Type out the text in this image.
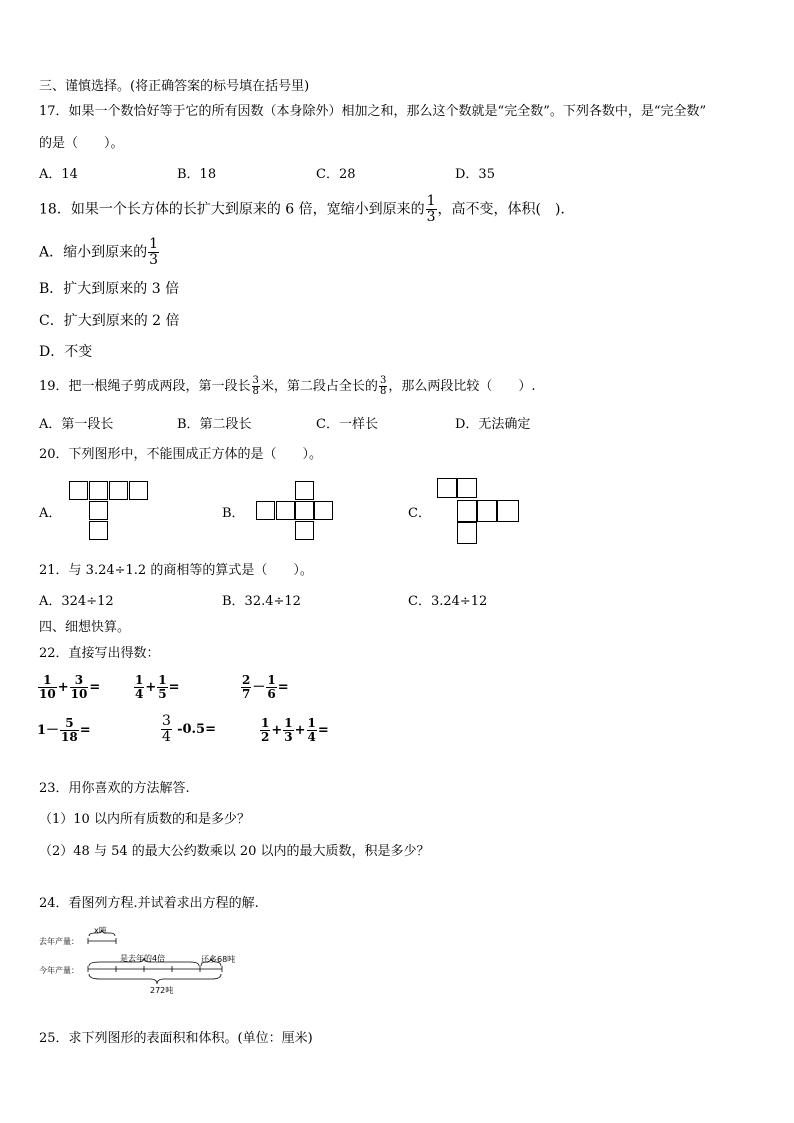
三、谨慎选择。(将正确答案的标号填在括号里)
17．如果一个数恰好等于它的所有因数（本身除外）相加之和，那么这个数就是“完全数”。下列各数中，是“完全数”
的是（　　）。
A．14	B．18	C．28	D．35
18．如果一个长方体的长扩大到原来的 6 倍，宽缩小到原来的 $\frac{1}{3}$ ，高不变，体积(　)．
A．缩小到原来的 $\frac{1}{3}$
B．扩大到原来的 3 倍
C．扩大到原来的 2 倍
D．不变
19．把一根绳子剪成两段，第一段长 $\frac{3}{8}$ 米，第二段占全长的 $\frac{3}{8}$ ，那么两段比较（　　）.
A．第一段长	B．第二段长	C．一样长	D．无法确定
20．下列图形中，不能围成正方体的是（　　）。
A．	B．	C．
21．与 3.24÷1.2 的商相等的算式是（　　）。
A．324÷12	B．32.4÷12	C．3.24÷12
四、细想快算。
22．直接写出得数：
$\frac{1}{10} + \frac{3}{10}$ =	$\frac{1}{4} + \frac{1}{5}$ =	$\frac{2}{7} - \frac{1}{6}$ =
$1- \frac{5}{18}$ =	$\frac{3}{4} -0.5=$	$\frac{1}{2} + \frac{1}{3} + \frac{1}{4}$ =
23．用你喜欢的方法解答.
（1）10 以内所有质数的和是多少？
（2）48 与 54 的最大公约数乘以 20 以内的最大质数，积是多少？
24．看图列方程.并试着求出方程的解.
去年产量：
x吨
今年产量：
是去年的4倍	还多68吨
272吨
25．求下列图形的表面积和体积。(单位：厘米)
